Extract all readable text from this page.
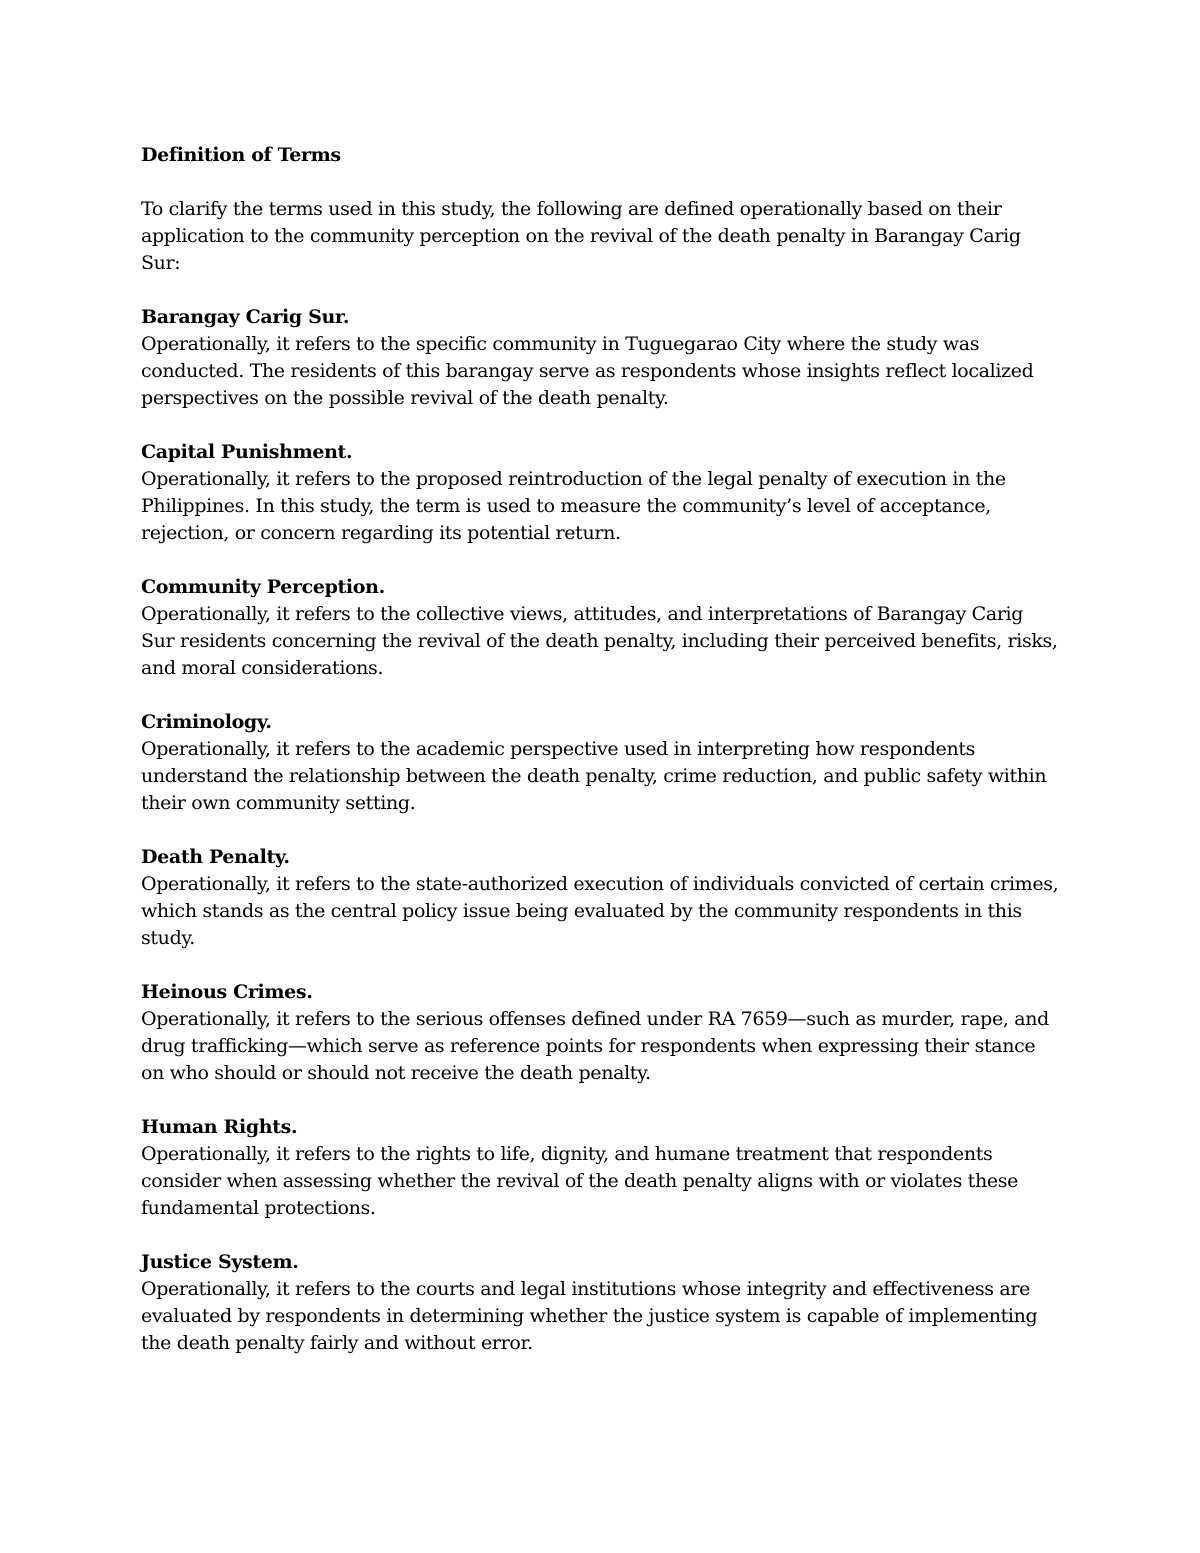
Definition of Terms
To clarify the terms used in this study, the following are defined operationally based on their application to the community perception on the revival of the death penalty in Barangay Carig Sur:
Barangay Carig Sur.
Operationally, it refers to the specific community in Tuguegarao City where the study was conducted. The residents of this barangay serve as respondents whose insights reflect localized perspectives on the possible revival of the death penalty.
Capital Punishment.
Operationally, it refers to the proposed reintroduction of the legal penalty of execution in the Philippines. In this study, the term is used to measure the community’s level of acceptance, rejection, or concern regarding its potential return.
Community Perception.
Operationally, it refers to the collective views, attitudes, and interpretations of Barangay Carig Sur residents concerning the revival of the death penalty, including their perceived benefits, risks, and moral considerations.
Criminology.
Operationally, it refers to the academic perspective used in interpreting how respondents understand the relationship between the death penalty, crime reduction, and public safety within their own community setting.
Death Penalty.
Operationally, it refers to the state-authorized execution of individuals convicted of certain crimes, which stands as the central policy issue being evaluated by the community respondents in this study.
Heinous Crimes.
Operationally, it refers to the serious offenses defined under RA 7659—such as murder, rape, and drug trafficking—which serve as reference points for respondents when expressing their stance on who should or should not receive the death penalty.
Human Rights.
Operationally, it refers to the rights to life, dignity, and humane treatment that respondents consider when assessing whether the revival of the death penalty aligns with or violates these fundamental protections.
Justice System.
Operationally, it refers to the courts and legal institutions whose integrity and effectiveness are evaluated by respondents in determining whether the justice system is capable of implementing the death penalty fairly and without error.
